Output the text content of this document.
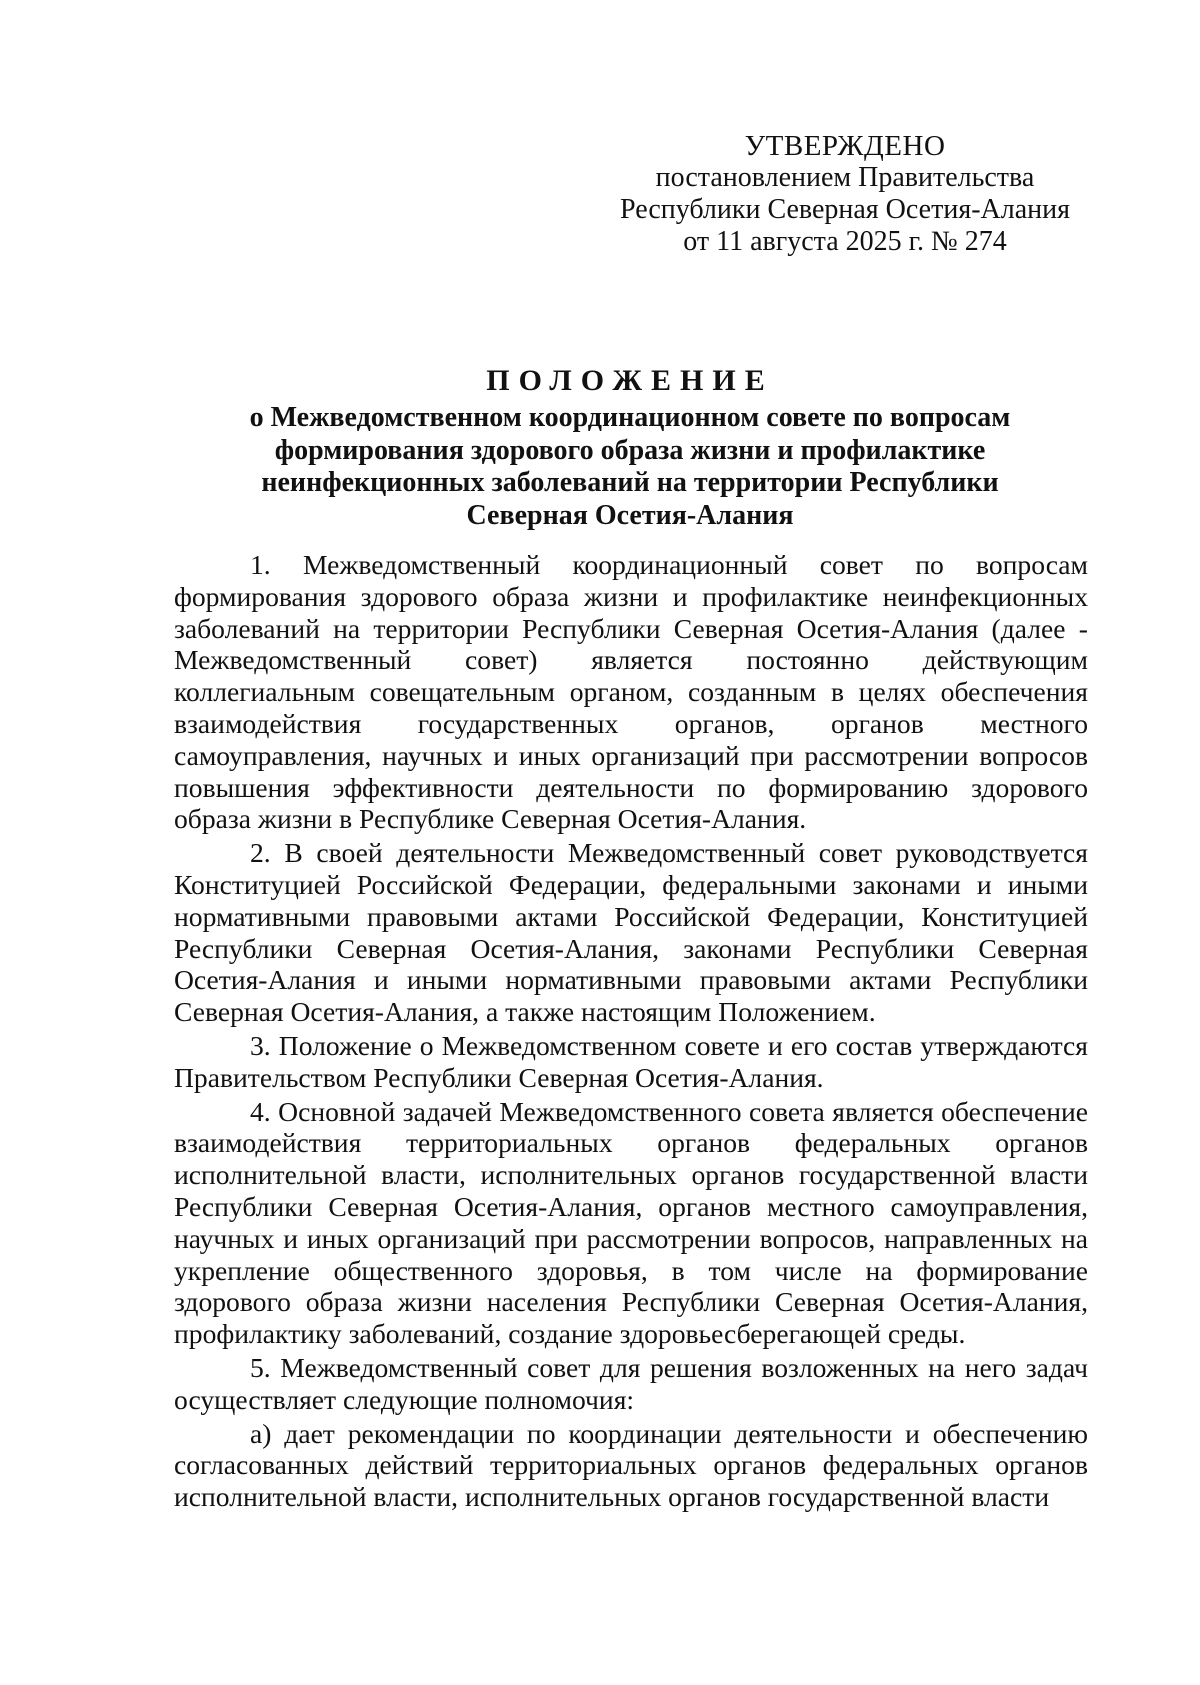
УТВЕРЖДЕНО
постановлением Правительства
Республики Северная Осетия-Алания
от 11 августа 2025 г. № 274
ПОЛОЖЕНИЕ
о Межведомственном координационном совете по вопросам
формирования здорового образа жизни и профилактике
неинфекционных заболеваний на территории Республики
Северная Осетия-Алания

1. Межведомственный координационный совет по вопросам формирования здорового образа жизни и профилактике неинфекционных заболеваний на территории Республики Северная Осетия-Алания (далее - Межведомственный совет) является постоянно действующим коллегиальным совещательным органом, созданным в целях обеспечения взаимодействия государственных органов, органов местного самоуправления, научных и иных организаций при рассмотрении вопросов повышения эффективности деятельности по формированию здорового образа жизни в Республике Северная Осетия-Алания.

2. В своей деятельности Межведомственный совет руководствуется Конституцией Российской Федерации, федеральными законами и иными нормативными правовыми актами Российской Федерации, Конституцией Республики Северная Осетия-Алания, законами Республики Северная Осетия-Алания и иными нормативными правовыми актами Республики Северная Осетия-Алания, а также настоящим Положением.

3. Положение о Межведомственном совете и его состав утверждаются Правительством Республики Северная Осетия-Алания.

4. Основной задачей Межведомственного совета является обеспечение взаимодействия территориальных органов федеральных органов исполнительной власти, исполнительных органов государственной власти Республики Северная Осетия-Алания, органов местного самоуправления, научных и иных организаций при рассмотрении вопросов, направленных на укрепление общественного здоровья, в том числе на формирование здорового образа жизни населения Республики Северная Осетия-Алания, профилактику заболеваний, создание здоровьесберегающей среды.

5. Межведомственный совет для решения возложенных на него задач осуществляет следующие полномочия:

а) дает рекомендации по координации деятельности и обеспечению согласованных действий территориальных органов федеральных органов исполнительной власти, исполнительных органов государственной власти
